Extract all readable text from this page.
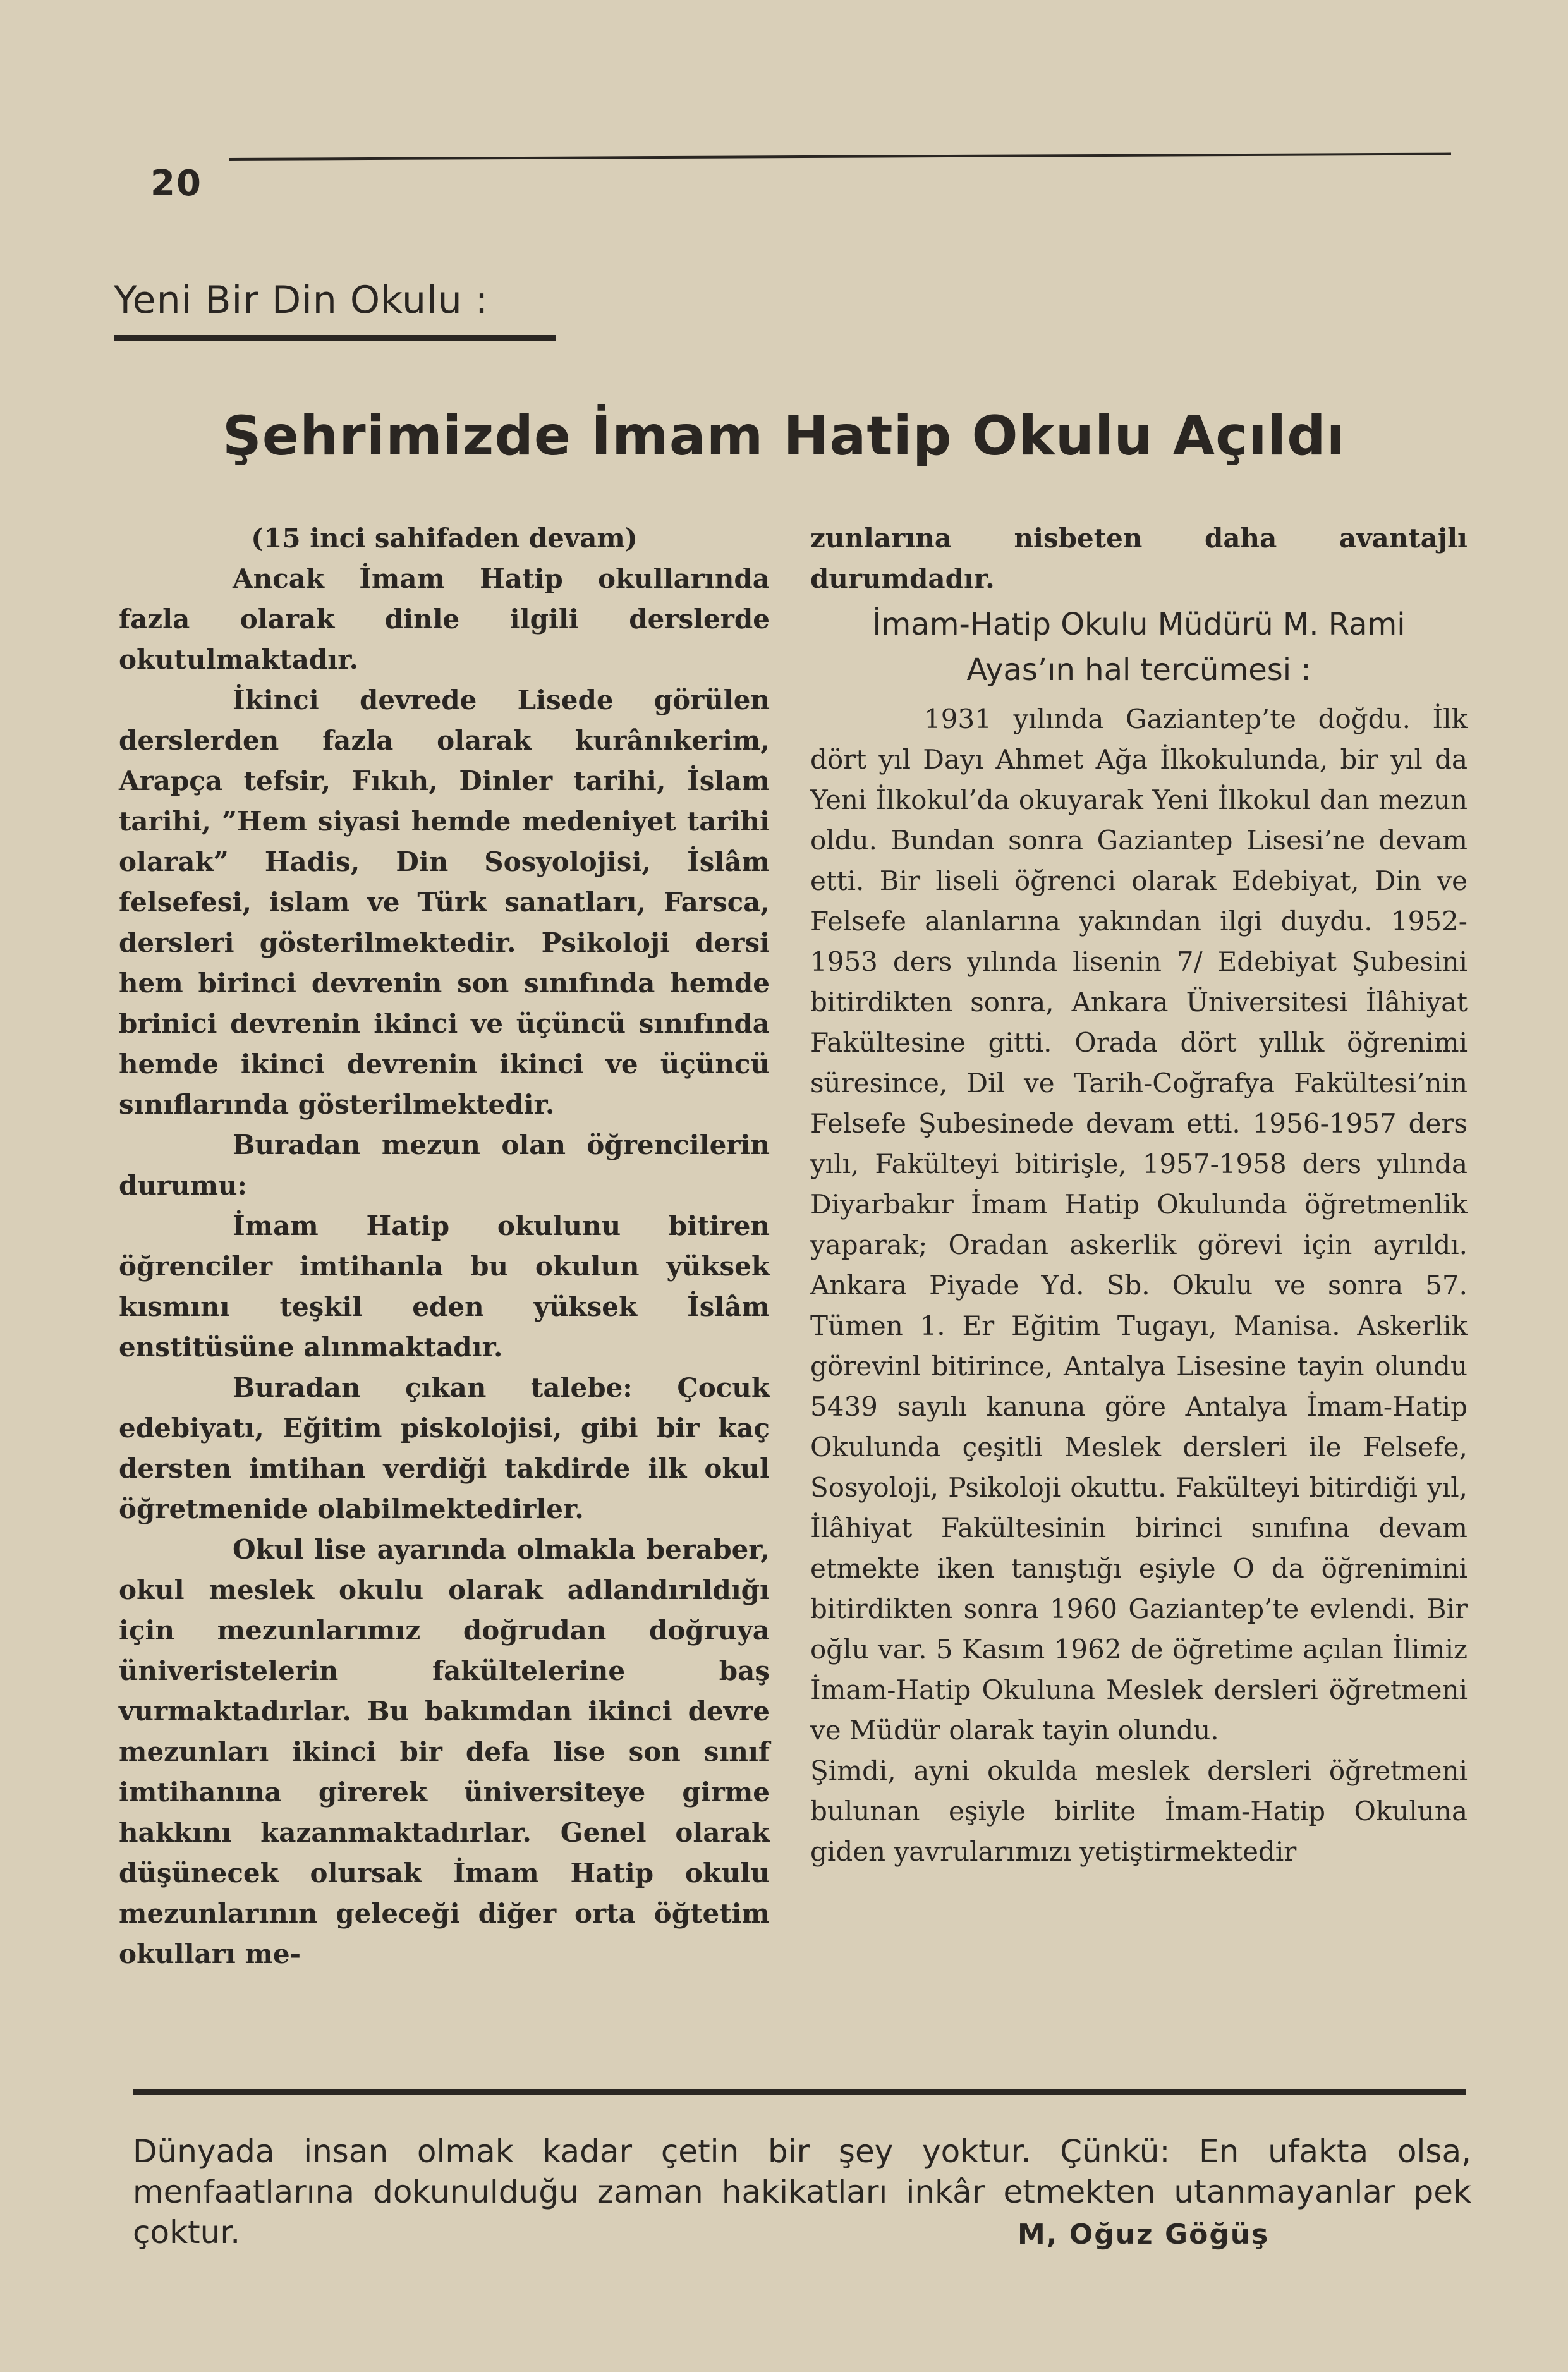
20
Yeni Bir Din Okulu :
Şehrimizde İmam Hatip Okulu Açıldı

(15 inci sahifaden devam)

Ancak İmam Hatip okullarında fazla olarak dinle ilgili derslerde okutulmaktadır.

İkinci devrede Lisede görülen derslerden fazla olarak kurânıkerim, Arapça tefsir, Fıkıh, Dinler tarihi, İslam tarihi, ”Hem siyasi hemde medeniyet tarihi olarak” Hadis, Din Sosyolojisi, İslâm felsefesi, islam ve Türk sanatları, Farsca, dersleri gösterilmektedir. Psikoloji dersi hem birinci devrenin son sınıfında hemde brinici devrenin ikinci ve üçüncü sınıfında hemde ikinci devrenin ikinci ve üçüncü sınıflarında gösterilmektedir.

Buradan mezun olan öğrencilerin durumu:

İmam Hatip okulunu bitiren öğrenciler imtihanla bu okulun yüksek kısmını teşkil eden yüksek İslâm enstitüsüne alınmaktadır.

Buradan çıkan talebe: Çocuk edebiyatı, Eğitim piskolojisi, gibi bir kaç dersten imtihan verdiği takdirde ilk okul öğretmenide olabilmektedirler.

Okul lise ayarında olmakla beraber, okul meslek okulu olarak adlandırıldığı için mezunlarımız doğrudan doğruya üniveristelerin fakültelerine baş vurmaktadırlar. Bu bakımdan ikinci devre mezunları ikinci bir defa lise son sınıf imtihanına girerek üniversiteye girme hakkını kazanmaktadırlar. Genel olarak düşünecek olursak İmam Hatip okulu mezunlarının geleceği diğer orta öğtetim okulları me-

zunlarına nisbeten daha avantajlı durumdadır.

İmam-Hatip Okulu Müdürü M. Rami
Ayas’ın hal tercümesi :

1931 yılında Gaziantep’te doğdu. İlk dört yıl Dayı Ahmet Ağa İlkokulunda, bir yıl da Yeni İlkokul’da okuyarak Yeni İlkokul dan mezun oldu. Bundan sonra Gaziantep Lisesi’ne devam etti. Bir liseli öğrenci olarak Edebiyat, Din ve Felsefe alanlarına yakından ilgi duydu. 1952-1953 ders yılında lisenin 7/ Edebiyat Şubesini bitirdikten sonra, Ankara Üniversitesi İlâhiyat Fakültesine gitti. Orada dört yıllık öğrenimi süresince, Dil ve Tarih-Coğrafya Fakültesi’nin Felsefe Şubesinede devam etti. 1956-1957 ders yılı, Fakülteyi bitirişle, 1957-1958 ders yılında Diyarbakır İmam Hatip Okulunda öğretmenlik yaparak; Oradan askerlik görevi için ayrıldı. Ankara Piyade Yd. Sb. Okulu ve sonra 57. Tümen 1. Er Eğitim Tugayı, Manisa. Askerlik görevinl bitirince, Antalya Lisesine tayin olundu 5439 sayılı kanuna göre Antalya İmam-Hatip Okulunda çeşitli Meslek dersleri ile Felsefe, Sosyoloji, Psikoloji okuttu. Fakülteyi bitirdiği yıl, İlâhiyat Fakültesinin birinci sınıfına devam etmekte iken tanıştığı eşiyle O da öğrenimini bitirdikten sonra 1960 Gaziantep’te evlendi. Bir oğlu var. 5 Kasım 1962 de öğretime açılan İlimiz İmam-Hatip Okuluna Meslek dersleri öğretmeni ve Müdür olarak tayin olundu.

Şimdi, ayni okulda meslek dersleri öğretmeni bulunan eşiyle birlite İmam-Hatip Okuluna giden yavrularımızı yetiştirmektedir

Dünyada insan olmak kadar çetin bir şey yoktur. Çünkü: En ufakta olsa, menfaatlarına dokunulduğu zaman hakikatları inkâr etmekten utanmayanlar pek çoktur.	M, Oğuz Göğüş
